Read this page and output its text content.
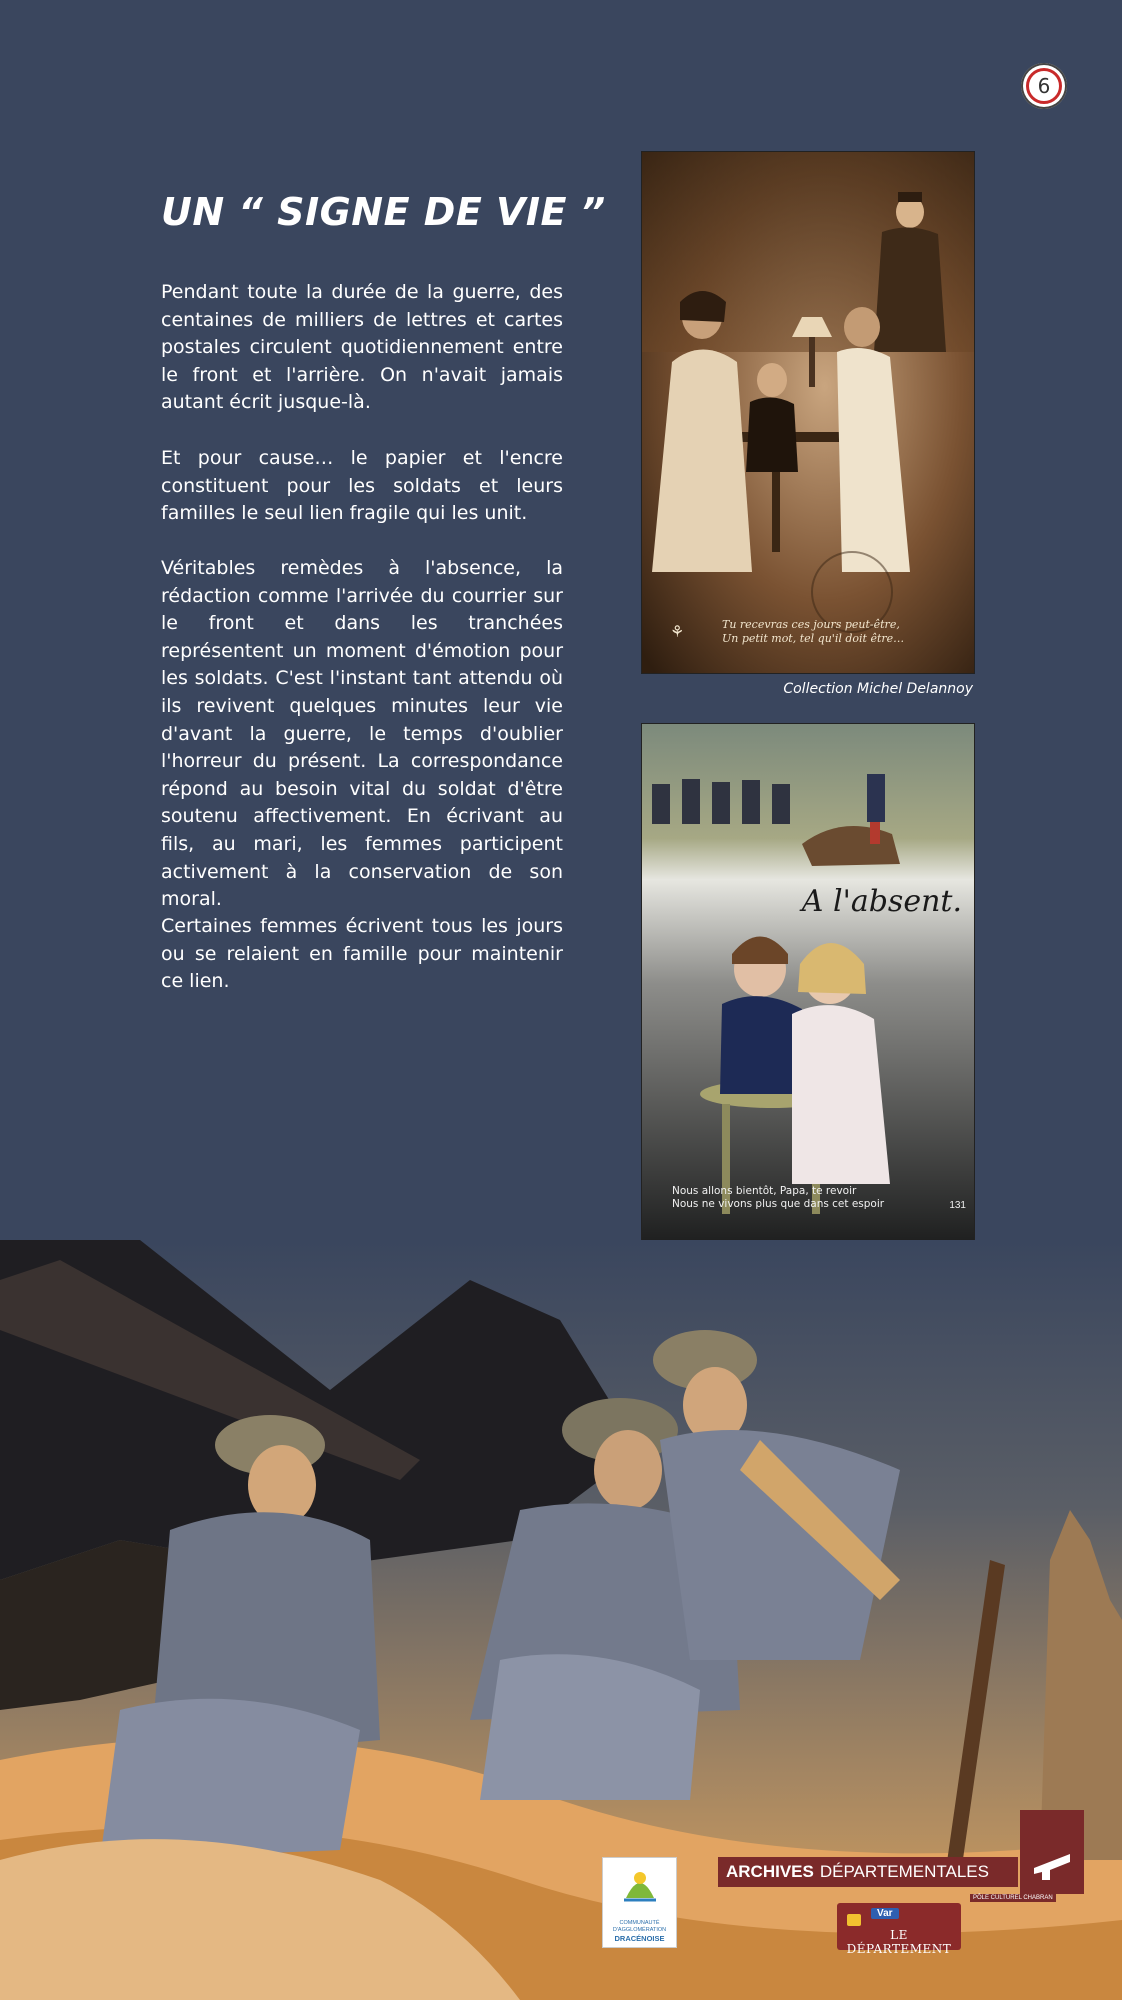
6
UN “ SIGNE DE VIE ”

Pendant toute la durée de la guerre, des centaines de milliers de lettres et cartes postales circulent quotidiennement entre le front et l'arrière. On n'avait jamais autant écrit jusque-là.

Et pour cause… le papier et l'encre constituent pour les soldats et leurs familles le seul lien fragile qui les unit.

Véritables remèdes à l'absence, la rédaction comme l'arrivée du courrier sur le front et dans les tranchées représentent un moment d'émotion pour les soldats. C'est l'instant tant attendu où ils revivent quelques minutes leur vie d'avant la guerre, le temps d'oublier l'horreur du présent. La correspondance répond au besoin vital du soldat d'être soutenu affectivement. En écrivant au fils, au mari, les femmes participent activement à la conservation de son moral.

Certaines femmes écrivent tous les jours ou se relaient en famille pour maintenir ce lien.

⚘	Tu recevras ces jours peut-être,
Un petit mot, tel qu'il doit être…
Collection Michel Delannoy
A l'absent.
Nous allons bientôt, Papa, te revoir
Nous ne vivons plus que dans cet espoir	131
COMMUNAUTÉ
D'AGGLOMÉRATION
DRACÉNOISE
ARCHIVES DÉPARTEMENTALES
PÔLE CULTUREL CHABRAN
Var
LE DÉPARTEMENT
